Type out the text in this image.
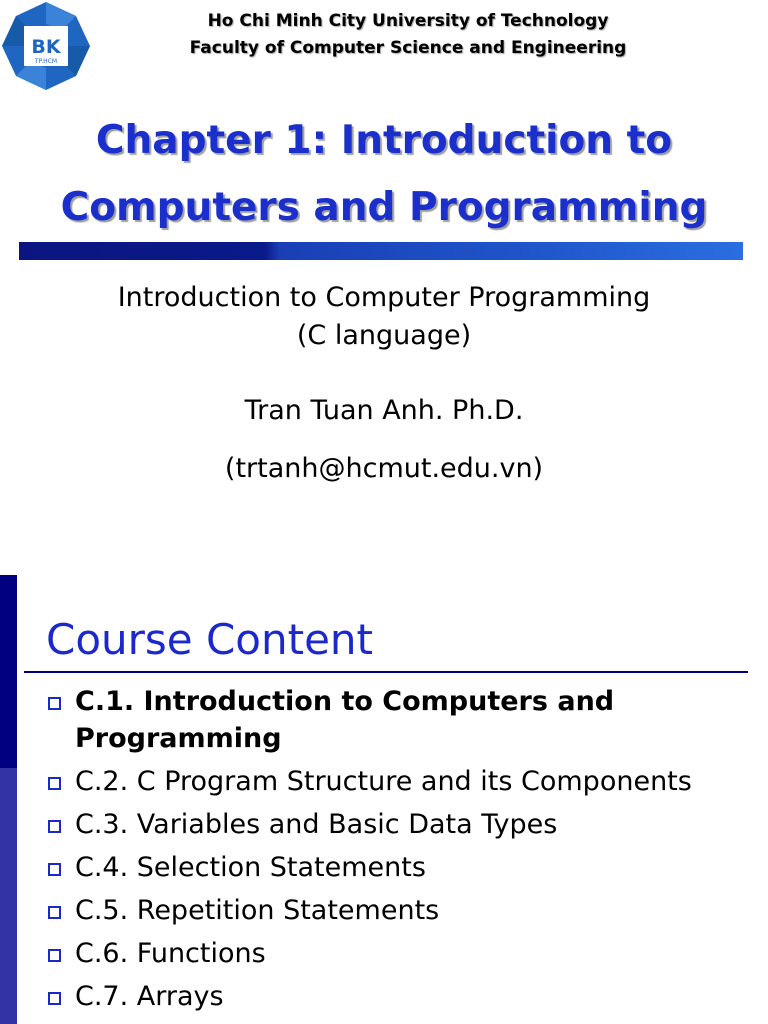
BK
TP.HCM
Ho Chi Minh City University of Technology
Faculty of Computer Science and Engineering
Chapter 1: Introduction to
Computers and Programming
Introduction to Computer Programming
(C language)
Tran Tuan Anh. Ph.D.
(trtanh@hcmut.edu.vn)
Course Content
C.1. Introduction to Computers and Programming
C.2. C Program Structure and its Components
C.3. Variables and Basic Data Types
C.4. Selection Statements
C.5. Repetition Statements
C.6. Functions
C.7. Arrays
